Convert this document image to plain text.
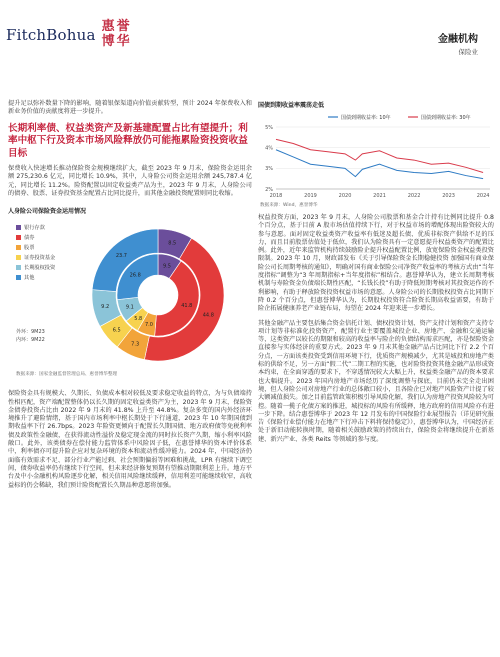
FitchBohua 惠 誉
博 华	金融机构
保险业

提升足以弥补数量下降的影响，随着银保渠道向价值贡献转型，预计 2024 年保费收入和新业务价值的贡献度将进一步提升。

长期利率债、权益类资产及新基建配置占比有望提升；利率中枢下行及资本市场风险释放仍可能拖累险资投资收益目标

保费收入快速增长推动保险资金规模继续扩大，截至 2023 年 9 月末，保险资金运用余额 275,230.6 亿元，同比增长 10.9%，其中，人身险公司资金运用余额 245,787.4 亿元，同比增长 11.2%。险资配置以固定收益类产品为主，2023 年 9 月末，人身险公司的债券、股票、证券投资基金配置占比同比提升，而其他金融投资配置则同比收缩。

人身险公司保险资金运用情况
银行存款
债券
股票
证券投资基金
长期股权投资
其他
8.5
44.8
7.3
6.5
9.2
23.7
9.5
41.8
7.0
5.8
9.1
26.8
外环：9M23
内环：9M22
数据来源：国家金融监督管理总局、惠誉博华整理

保险资金具有规模大、久期长、负债成本相对较低及要求稳定收益的特点，为与负债端持性相匹配，资产端配置整体仍以长久期的固定收益类资产为主，2023 年 9 月末，保险资金债券投资占比由 2022 年 9 月末的 41.8% 上升至 44.8%。复杂多变的国内外经济环境推升了避险情绪，基于国内市场利率中枢长期处于下行通道，2023 年 10 年期国债到期收益率下行 26.7bps。2023 年险资更倾向于配置长久期国债、地方政府债等免税利率债及政策性金融债，在获得流动性溢价及稳定现金流的同时拉长资产久期，缩小利率风险敞口。此外，该类债券在偿付能力监管体系中风险因子低，在惠誉博华的资本评价体系中，利率债亦可提升险企应对复杂环境的资本和流动性缓冲能力。2024 年，中国经济仍面临有效需求不足、部分行业产能过剩、社会预期偏弱等困难和挑战，LPR 有继续下调空间，债券收益率仍有继续下行空间，但未来经济修复预期有望推动期限利差上升。地方平台及中小金融机构风险逐步化解，相关信用风险继续缓释，信用利差可能继续收窄，高收益标的仍会稀缺，我们预计险资配置长久期品种意愿将加强。

国债到期收益率震荡走低
国债到期收益率: 10年	国债到期收益率: 30年
5%
4%
3%
2%
2018	2019	2020	2021	2022	2023	2024
数据来源：Wind，惠誉博华

权益投资方面，2023 年 9 月末，人身险公司股票和基金合计持有比例同比提升 0.8 个百分点，基于目前 A 股市场估值持续下行，对于权益市场的增配体现出险资较大的参与意愿。面对固定收益类资产收益率有低迷及超长债、优质非标资产供给不足的压力，而且目前股票估值处于低位，我们认为险资具有一定意愿提升权益类资产的配置比例。此外，近年来监管机构持续鼓励险企提升权益配置比例，放宽保险资金权益类投资限制。2023 年 10 月，财政部发布《关于引导保险资金长期稳健投资 加强国有商业保险公司长周期考核的通知》，明确对国有商业保险公司净资产收益率的考核方式由“当年度指标”调整为“3 年周期指标+当年度指标”相结合。惠誉博华认为，建立长周期考核机制与寿险资金负债端长期性匹配，“长钱长投”有助于降低短期考核对其投资运作的不利影响，有助于释放险资投资权益市场的意愿。人身险公司的长期股权投资占比同期下降 0.2 个百分点，但惠誉博华认为，长期股权投资符合险资长期高收益需要，有助于险企拓展健康养老产业链布局，每望在 2024 年迎来进一步增长。

其他金融产品主要包括集合资金信托计划、债权投资计划、资产支持计划和资产支持专项计划等非标准化投资资产，配置行业主要覆盖城投企业、房地产、金融和交通运输等，这类资产以较长的期限和较高的收益率与险企的负债结构需求匹配，亦是保险资金直接参与实体经济的重要方式。2023 年 9 月末其他金融产品占比同比下行 2.2 个百分点，一方面该类投资受到信用环境下行，优质资产规模减少，尤其是城投和房地产类标的供给不足，另一方面“假二代”二期工程的实施，也对险资投资其他金融产品形成资本约束，在全面穿透的要求下，不穿透情况较大大幅上升，权益类金融产品的资本要求也大幅提升。2023 年国内房地产市场经历了深度调整与探底，目前仍未完全走出困境，但人身险公司对房地产行业的总体敞口较小，且各险企已对地产风险资产计提了较大额减值损失。加之目前监管政策积极引导风险化解，我们认为房地产投资风险较为可控。随着一揽子化债方案的推进，城投标的风险有所缓释，地方政府的信用风险亦有进一步下降。结合惠誉博华于 2023 年 12 月发布的中国保险行业展望报告（详见研究报告《保险行业偿付能力在地产下行冲击下料将保持稳定》），惠誉博华认为，中国经济正处于新旧动能转换时期，随着相关鼓励政策的持续出台，保险资金将继续提升在新基建、新兴产业、各类 Reits 等领域的参与度。
